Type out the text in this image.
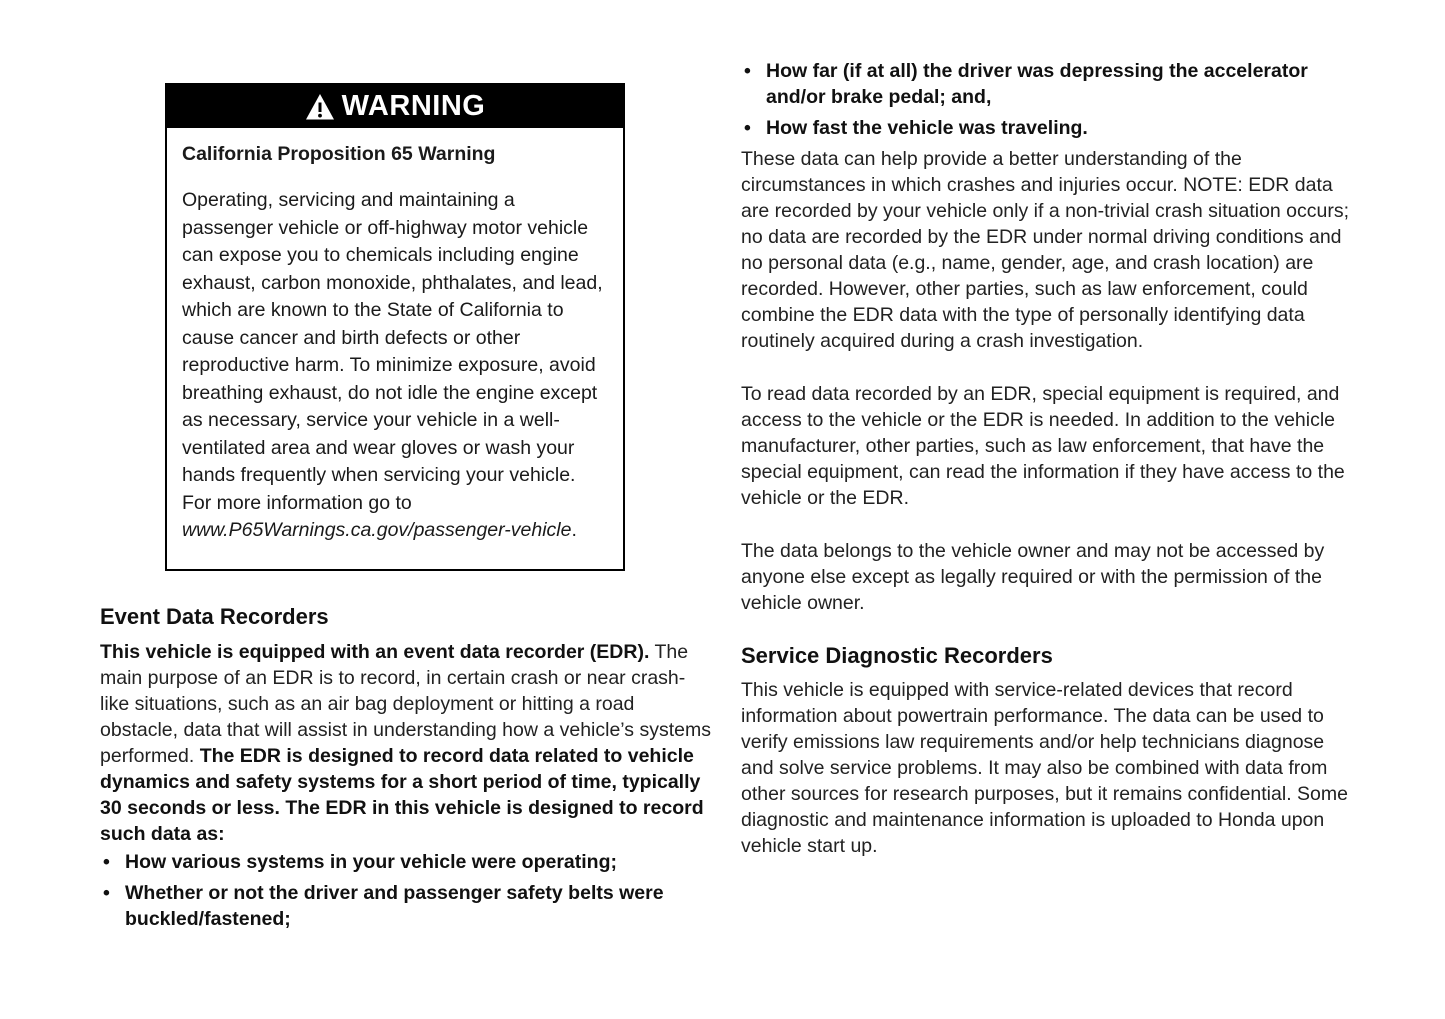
WARNING

California Proposition 65 Warning

Operating, servicing and maintaining a passenger vehicle or off-highway motor vehicle can expose you to chemicals including engine exhaust, carbon monoxide, phthalates, and lead, which are known to the State of California to cause cancer and birth defects or other reproductive harm. To minimize exposure, avoid breathing exhaust, do not idle the engine except as necessary, service your vehicle in a well-ventilated area and wear gloves or wash your hands frequently when servicing your vehicle. For more information go to www.P65Warnings.ca.gov/passenger-vehicle.

Event Data Recorders

This vehicle is equipped with an event data recorder (EDR). The main purpose of an EDR is to record, in certain crash or near crash-like situations, such as an air bag deployment or hitting a road obstacle, data that will assist in understanding how a vehicle’s systems performed. The EDR is designed to record data related to vehicle dynamics and safety systems for a short period of time, typically 30 seconds or less. The EDR in this vehicle is designed to record such data as:

• How various systems in your vehicle were operating;
• Whether or not the driver and passenger safety belts were buckled/fastened;
• How far (if at all) the driver was depressing the accelerator and/or brake pedal; and,
• How fast the vehicle was traveling.

These data can help provide a better understanding of the circumstances in which crashes and injuries occur. NOTE: EDR data are recorded by your vehicle only if a non-trivial crash situation occurs; no data are recorded by the EDR under normal driving conditions and no personal data (e.g., name, gender, age, and crash location) are recorded. However, other parties, such as law enforcement, could combine the EDR data with the type of personally identifying data routinely acquired during a crash investigation.

To read data recorded by an EDR, special equipment is required, and access to the vehicle or the EDR is needed. In addition to the vehicle manufacturer, other parties, such as law enforcement, that have the special equipment, can read the information if they have access to the vehicle or the EDR.

The data belongs to the vehicle owner and may not be accessed by anyone else except as legally required or with the permission of the vehicle owner.

Service Diagnostic Recorders

This vehicle is equipped with service-related devices that record information about powertrain performance. The data can be used to verify emissions law requirements and/or help technicians diagnose and solve service problems. It may also be combined with data from other sources for research purposes, but it remains confidential. Some diagnostic and maintenance information is uploaded to Honda upon vehicle start up.
